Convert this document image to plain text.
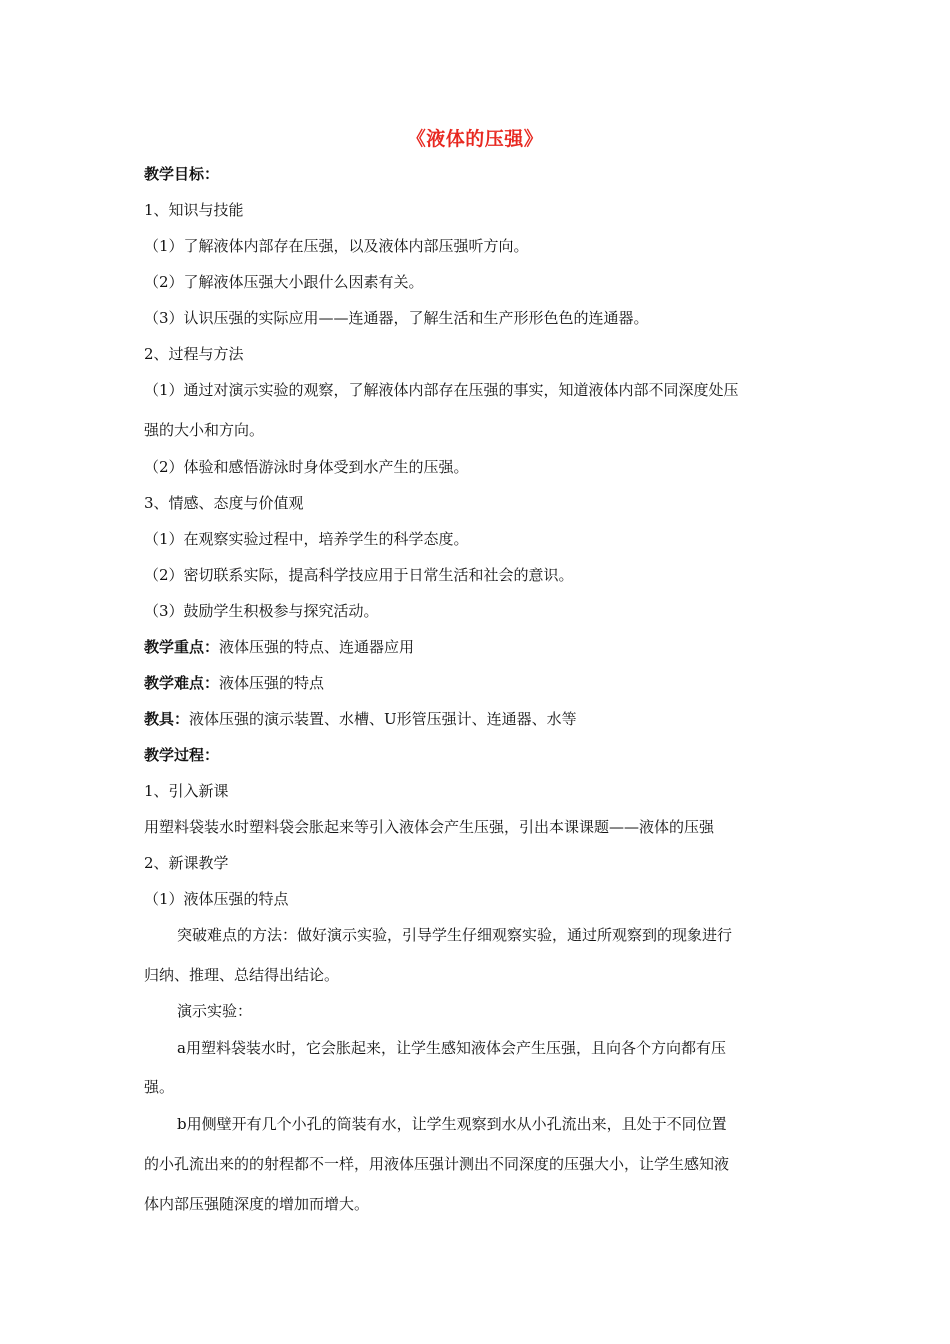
《液体的压强》
教学目标：
1、知识与技能
（1）了解液体内部存在压强，以及液体内部压强听方向。
（2）了解液体压强大小跟什么因素有关。
（3）认识压强的实际应用——连通器，了解生活和生产形形色色的连通器。
2、过程与方法
（1）通过对演示实验的观察，了解液体内部存在压强的事实，知道液体内部不同深度处压
强的大小和方向。
（2）体验和感悟游泳时身体受到水产生的压强。
3、情感、态度与价值观
（1）在观察实验过程中，培养学生的科学态度。
（2）密切联系实际，提高科学技应用于日常生活和社会的意识。
（3）鼓励学生积极参与探究活动。
教学重点：液体压强的特点、连通器应用
教学难点：液体压强的特点
教具：液体压强的演示装置、水槽、U形管压强计、连通器、水等
教学过程：
1、引入新课
用塑料袋装水时塑料袋会胀起来等引入液体会产生压强，引出本课课题——液体的压强
2、新课教学
（1）液体压强的特点
突破难点的方法：做好演示实验，引导学生仔细观察实验，通过所观察到的现象进行
归纳、推理、总结得出结论。
演示实验：
a用塑料袋装水时，它会胀起来，让学生感知液体会产生压强，且向各个方向都有压
强。
b用侧壁开有几个小孔的筒装有水，让学生观察到水从小孔流出来，且处于不同位置
的小孔流出来的的射程都不一样，用液体压强计测出不同深度的压强大小，让学生感知液
体内部压强随深度的增加而增大。
